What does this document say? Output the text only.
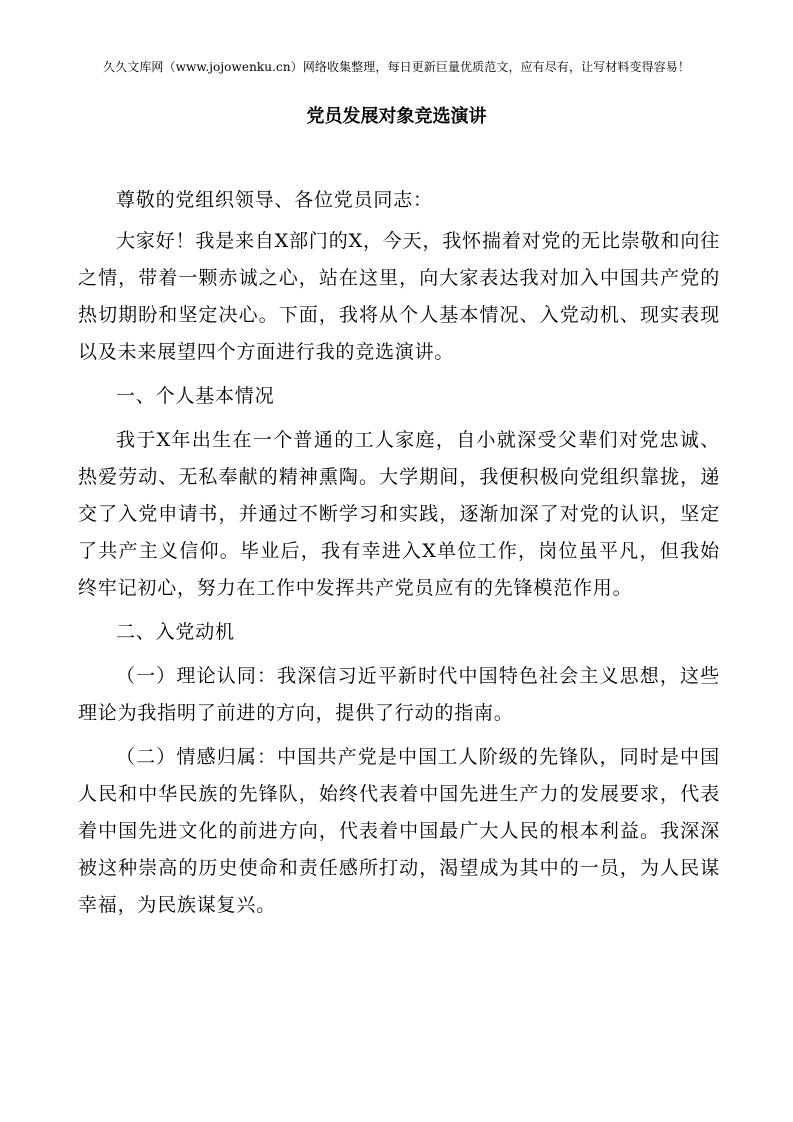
久久文库网（www.jojowenku.cn）网络收集整理，每日更新巨量优质范文，应有尽有，让写材料变得容易！
党员发展对象竞选演讲

尊敬的党组织领导、各位党员同志：

大家好！我是来自X部门的X，今天，我怀揣着对党的无比崇敬和向往之情，带着一颗赤诚之心，站在这里，向大家表达我对加入中国共产党的热切期盼和坚定决心。下面，我将从个人基本情况、入党动机、现实表现以及未来展望四个方面进行我的竞选演讲。

一、个人基本情况

我于X年出生在一个普通的工人家庭，自小就深受父辈们对党忠诚、热爱劳动、无私奉献的精神熏陶。大学期间，我便积极向党组织靠拢，递交了入党申请书，并通过不断学习和实践，逐渐加深了对党的认识，坚定了共产主义信仰。毕业后，我有幸进入X单位工作，岗位虽平凡，但我始终牢记初心，努力在工作中发挥共产党员应有的先锋模范作用。

二、入党动机

（一）理论认同：我深信习近平新时代中国特色社会主义思想，这些理论为我指明了前进的方向，提供了行动的指南。

（二）情感归属：中国共产党是中国工人阶级的先锋队，同时是中国人民和中华民族的先锋队，始终代表着中国先进生产力的发展要求，代表着中国先进文化的前进方向，代表着中国最广大人民的根本利益。我深深被这种崇高的历史使命和责任感所打动，渴望成为其中的一员，为人民谋幸福，为民族谋复兴。
